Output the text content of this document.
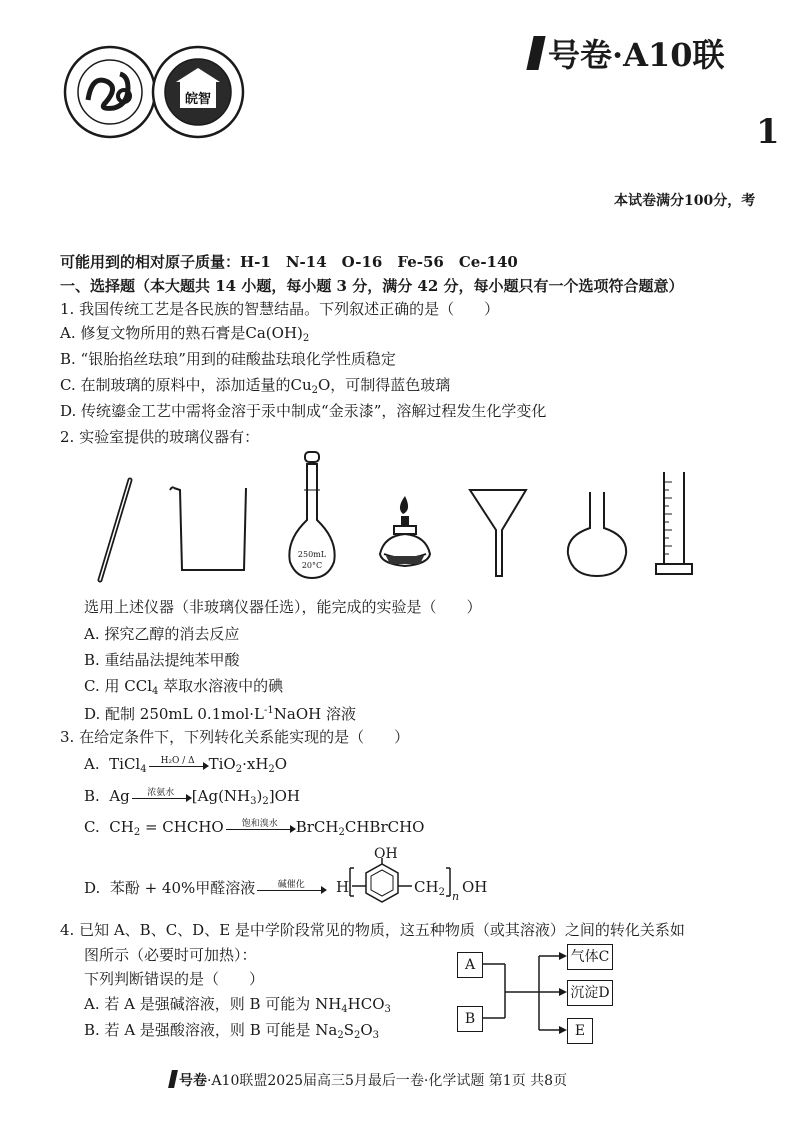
皖智
号卷·A10联
1
本试卷满分100分，考
可能用到的相对原子质量：H-1　N-14　O-16　Fe-56　Ce-140
一、选择题（本大题共 14 小题，每小题 3 分，满分 42 分，每小题只有一个选项符合题意）
1. 我国传统工艺是各民族的智慧结晶。下列叙述正确的是（　　）
A. 修复文物所用的熟石膏是$Ca(OH)_2$
B. “银胎掐丝珐琅”用到的硅酸盐珐琅化学性质稳定
C. 在制玻璃的原料中，添加适量的$Cu_2O$，可制得蓝色玻璃
D. 传统鎏金工艺中需将金溶于汞中制成“金汞漆”，溶解过程发生化学变化
2. 实验室提供的玻璃仪器有：
250mL
20°C
选用上述仪器（非玻璃仪器任选），能完成的实验是（　　）
A. 探究乙醇的消去反应
B. 重结晶法提纯苯甲酸
C. 用 CCl$_4$ 萃取水溶液中的碘
D. 配制 250mL $0.1mol\cdot L^{-1}NaOH$ 溶液
3. 在给定条件下，下列转化关系能实现的是（　　）
A. TiCl$_4$
H₂O / Δ $TiO_2\cdot xH_2O$
B. Ag	浓氨水	$[Ag(NH_3)_2]OH$
C. $CH_2$ = CHCHO	饱和溴水	BrCH$_2$CHBrCHO
D. 苯酚 + 40%甲醛溶液	碱催化
OH
H	$CH_2$ n
OH
4. 已知 A、B、C、D、E 是中学阶段常见的物质，这五种物质（或其溶液）之间的转化关系如
图所示（必要时可加热）：
下列判断错误的是（　　）
A. 若 A 是强碱溶液，则 B 可能为 $NH_4HCO_3$
B. 若 A 是强酸溶液，则 B 可能是 $Na_2S_2O_3$
A
B
气体C
沉淀D
E
号卷·A10联盟2025届高三5月最后一卷·化学试题 第1页 共8页
